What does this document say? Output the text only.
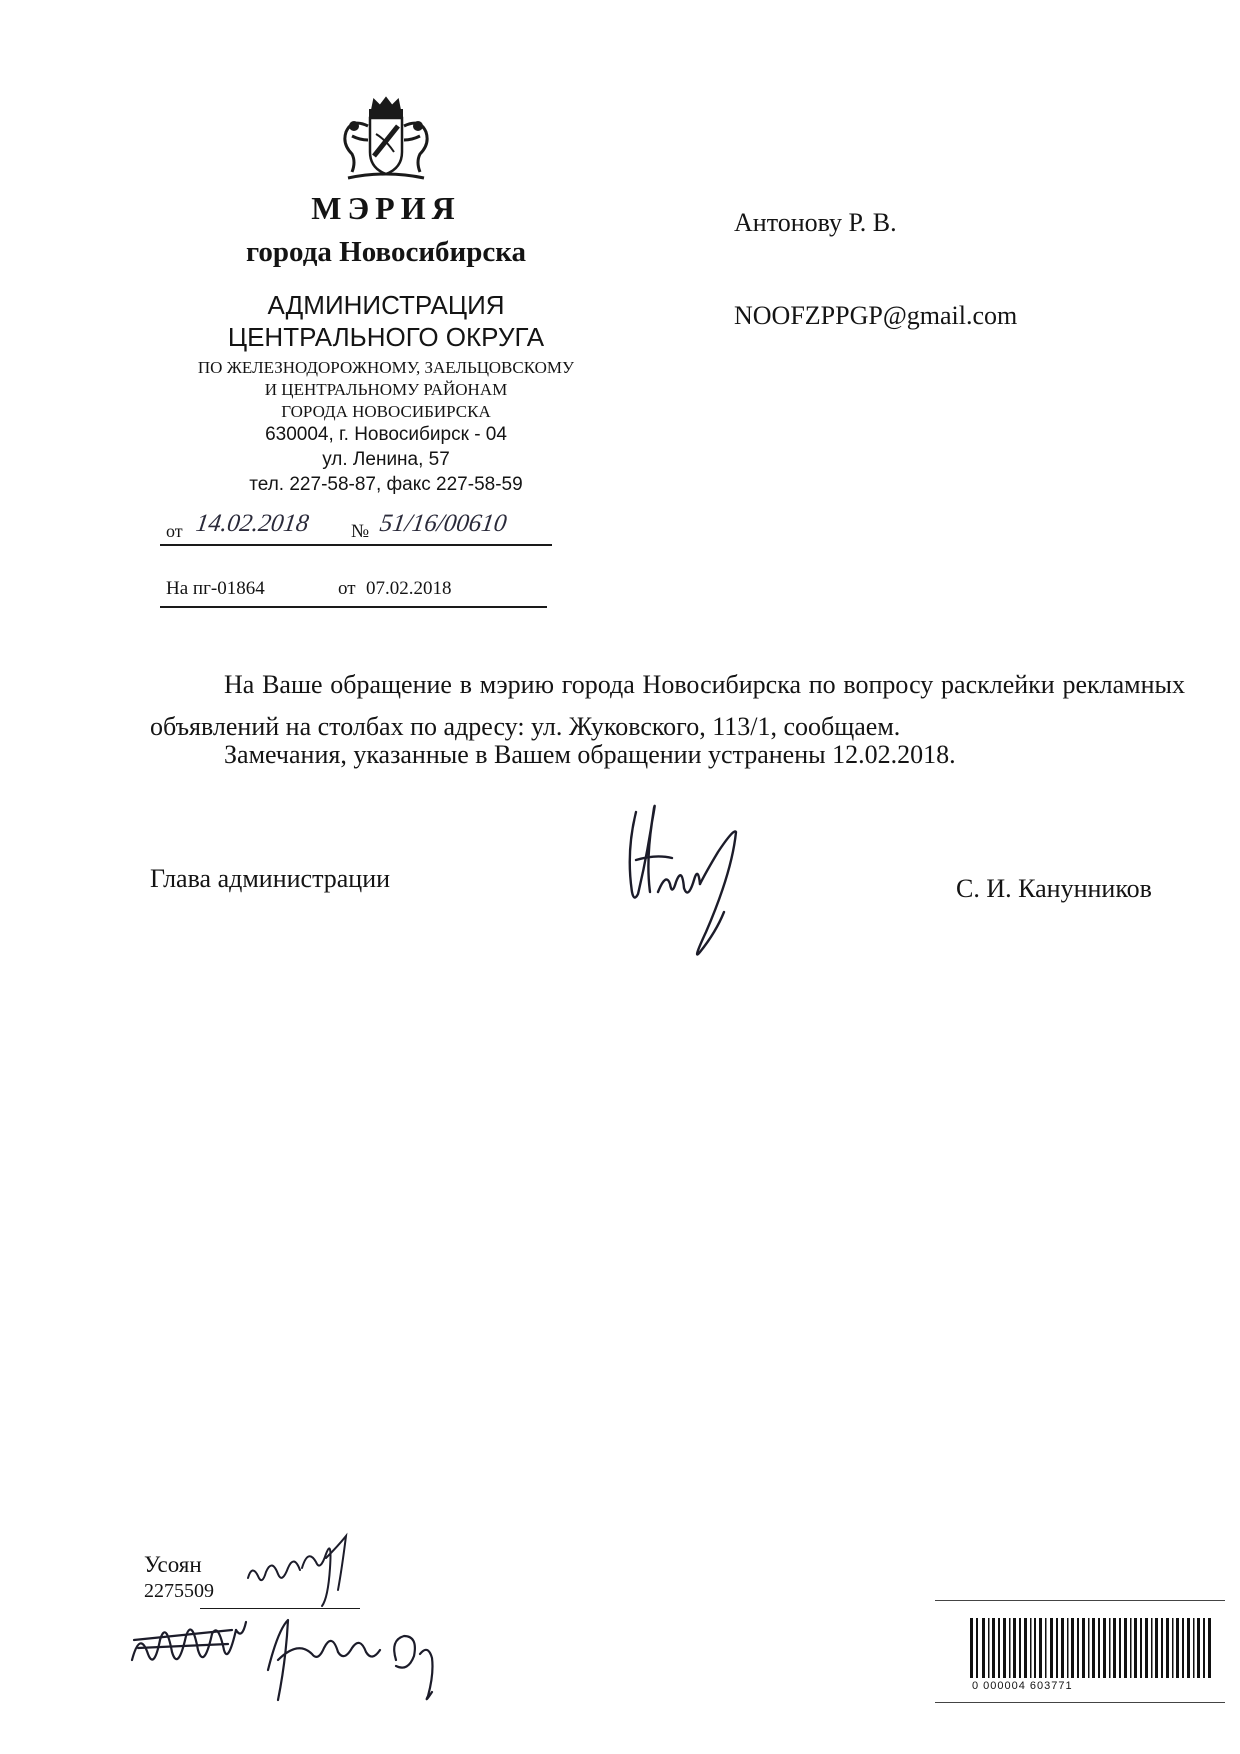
МЭРИЯ
города Новосибирска
АДМИНИСТРАЦИЯ
ЦЕНТРАЛЬНОГО ОКРУГА
ПО ЖЕЛЕЗНОДОРОЖНОМУ, ЗАЕЛЬЦОВСКОМУ
И ЦЕНТРАЛЬНОМУ РАЙОНАМ
ГОРОДА НОВОСИБИРСКА
630004, г. Новосибирск - 04
ул. Ленина, 57
тел. 227-58-87, факс 227-58-59
от 14.02.2018 № 51/16/00610
На пг-01864	от 07.02.2018
Антонову Р. В.
NOOFZPPGP@gmail.com
На Ваше обращение в мэрию города Новосибирска по вопросу расклейки рекламных объявлений на столбах по адресу: ул. Жуковского, 113/1, сообщаем.
Замечания, указанные в Вашем обращении устранены 12.02.2018.
Глава администрации	С. И. Канунников
Усоян
2275509
0 000004 603771
